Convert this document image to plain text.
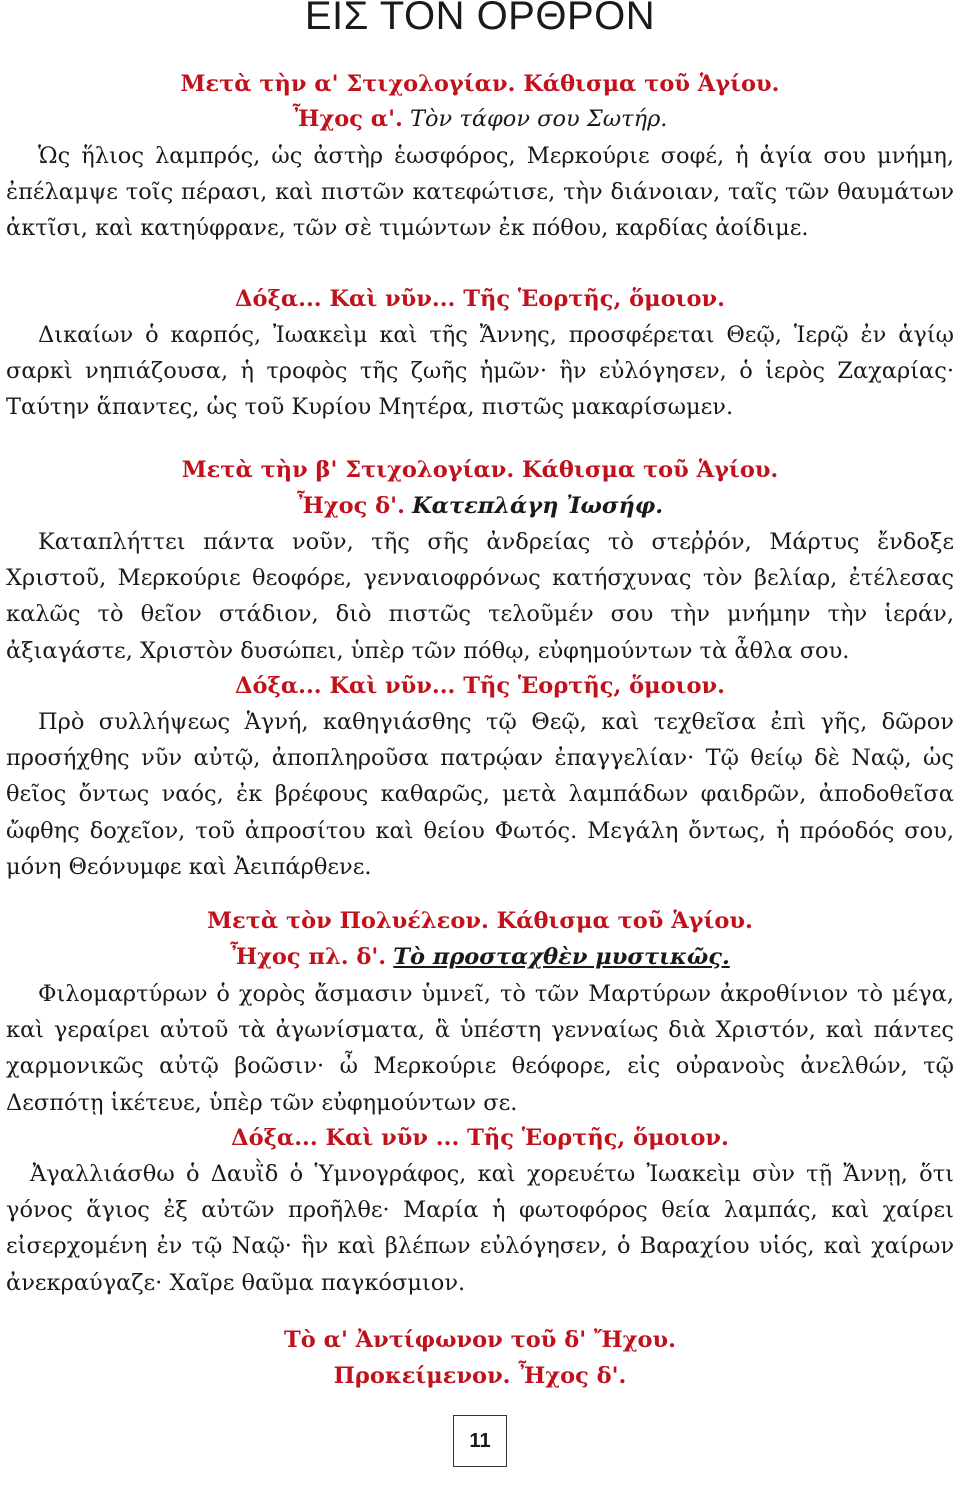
ΕΙΣ ΤΟΝ ΟΡΘΡΟΝ
Μετὰ τὴν α' Στιχολογίαν. Κάθισμα τοῦ Ἁγίου.
Ἦχος α'. Τὸν τάφον σου Σωτήρ.

Ὡς ἥλιος λαμπρός, ὡς ἀστὴρ ἑωσφόρος, Μερκούριε σοφέ, ἡ ἁγία σου μνήμη, ἐπέλαμψε τοῖς πέρασι, καὶ πιστῶν κατεφώτισε, τὴν διάνοιαν, ταῖς τῶν θαυμάτων ἀκτῖσι, καὶ κατηύφρανε, τῶν σὲ τιμώντων ἐκ πόθου, καρδίας ἀοίδιμε.

Δόξα... Καὶ νῦν... Τῆς Ἑορτῆς, ὅμοιον.

Δικαίων ὁ καρπός, Ἰωακεὶμ καὶ τῆς Ἄννης, προσφέρεται Θεῷ, Ἱερῷ ἐν ἁγίῳ σαρκὶ νηπιάζουσα, ἡ τροφὸς τῆς ζωῆς ἡμῶν· ἣν εὐλόγησεν, ὁ ἱερὸς Ζαχαρίας· Ταύτην ἅπαντες, ὡς τοῦ Κυρίου Μητέρα, πιστῶς μακαρίσωμεν.

Μετὰ τὴν β' Στιχολογίαν. Κάθισμα τοῦ Ἁγίου.
Ἦχος δ'. Κατεπλάγη Ἰωσήφ.

Καταπλήττει πάντα νοῦν, τῆς σῆς ἀνδρείας τὸ στεῤῥόν, Μάρτυς ἔνδοξε Χριστοῦ, Μερκούριε θεοφόρε, γενναιοφρόνως κατήσχυνας τὸν βελίαρ, ἐτέλεσας καλῶς τὸ θεῖον στάδιον, διὸ πιστῶς τελοῦμέν σου τὴν μνήμην τὴν ἱεράν, ἀξιαγάστε, Χριστὸν δυσώπει, ὑπὲρ τῶν πόθῳ, εὐφημούντων τὰ ἆθλα σου.

Δόξα... Καὶ νῦν... Τῆς Ἑορτῆς, ὅμοιον.

Πρὸ συλλήψεως Ἁγνή, καθηγιάσθης τῷ Θεῷ, καὶ τεχθεῖσα ἐπὶ γῆς, δῶρον προσήχθης νῦν αὐτῷ, ἀποπληροῦσα πατρῴαν ἐπαγγελίαν· Τῷ θείῳ δὲ Ναῷ, ὡς θεῖος ὄντως ναός, ἐκ βρέφους καθαρῶς, μετὰ λαμπάδων φαιδρῶν, ἀποδοθεῖσα ὤφθης δοχεῖον, τοῦ ἀπροσίτου καὶ θείου Φωτός. Μεγάλη ὄντως, ἡ πρόοδός σου, μόνη Θεόνυμφε καὶ Ἀειπάρθενε.

Μετὰ τὸν Πολυέλεον. Κάθισμα τοῦ Ἁγίου.
Ἦχος πλ. δ'. Τὸ προσταχθὲν μυστικῶς.

Φιλομαρτύρων ὁ χορὸς ἄσμασιν ὑμνεῖ, τὸ τῶν Μαρτύρων ἀκροθίνιον τὸ μέγα, καὶ γεραίρει αὐτοῦ τὰ ἀγωνίσματα, ἃ ὑπέστη γενναίως διὰ Χριστόν, καὶ πάντες χαρμονικῶς αὐτῷ βοῶσιν· ὦ Μερκούριε θεόφορε, εἰς οὐρανοὺς ἀνελθών, τῷ Δεσπότῃ ἱκέτευε, ὑπὲρ τῶν εὐφημούντων σε.

Δόξα... Καὶ νῦν ... Τῆς Ἑορτῆς, ὅμοιον.

Ἀγαλλιάσθω ὁ Δαυῒδ ὁ Ὑμνογράφος, καὶ χορευέτω Ἰωακεὶμ σὺν τῇ Ἄννῃ, ὅτι γόνος ἅγιος ἐξ αὐτῶν προῆλθε· Μαρία ἡ φωτοφόρος θεία λαμπάς, καὶ χαίρει εἰσερχομένη ἐν τῷ Ναῷ· ἣν καὶ βλέπων εὐλόγησεν, ὁ Βαραχίου υἱός, καὶ χαίρων ἀνεκραύγαζε· Χαῖρε θαῦμα παγκόσμιον.

Τὸ α' Ἀντίφωνον τοῦ δ' Ἤχου.
Προκείμενον. Ἦχος δ'.
11
